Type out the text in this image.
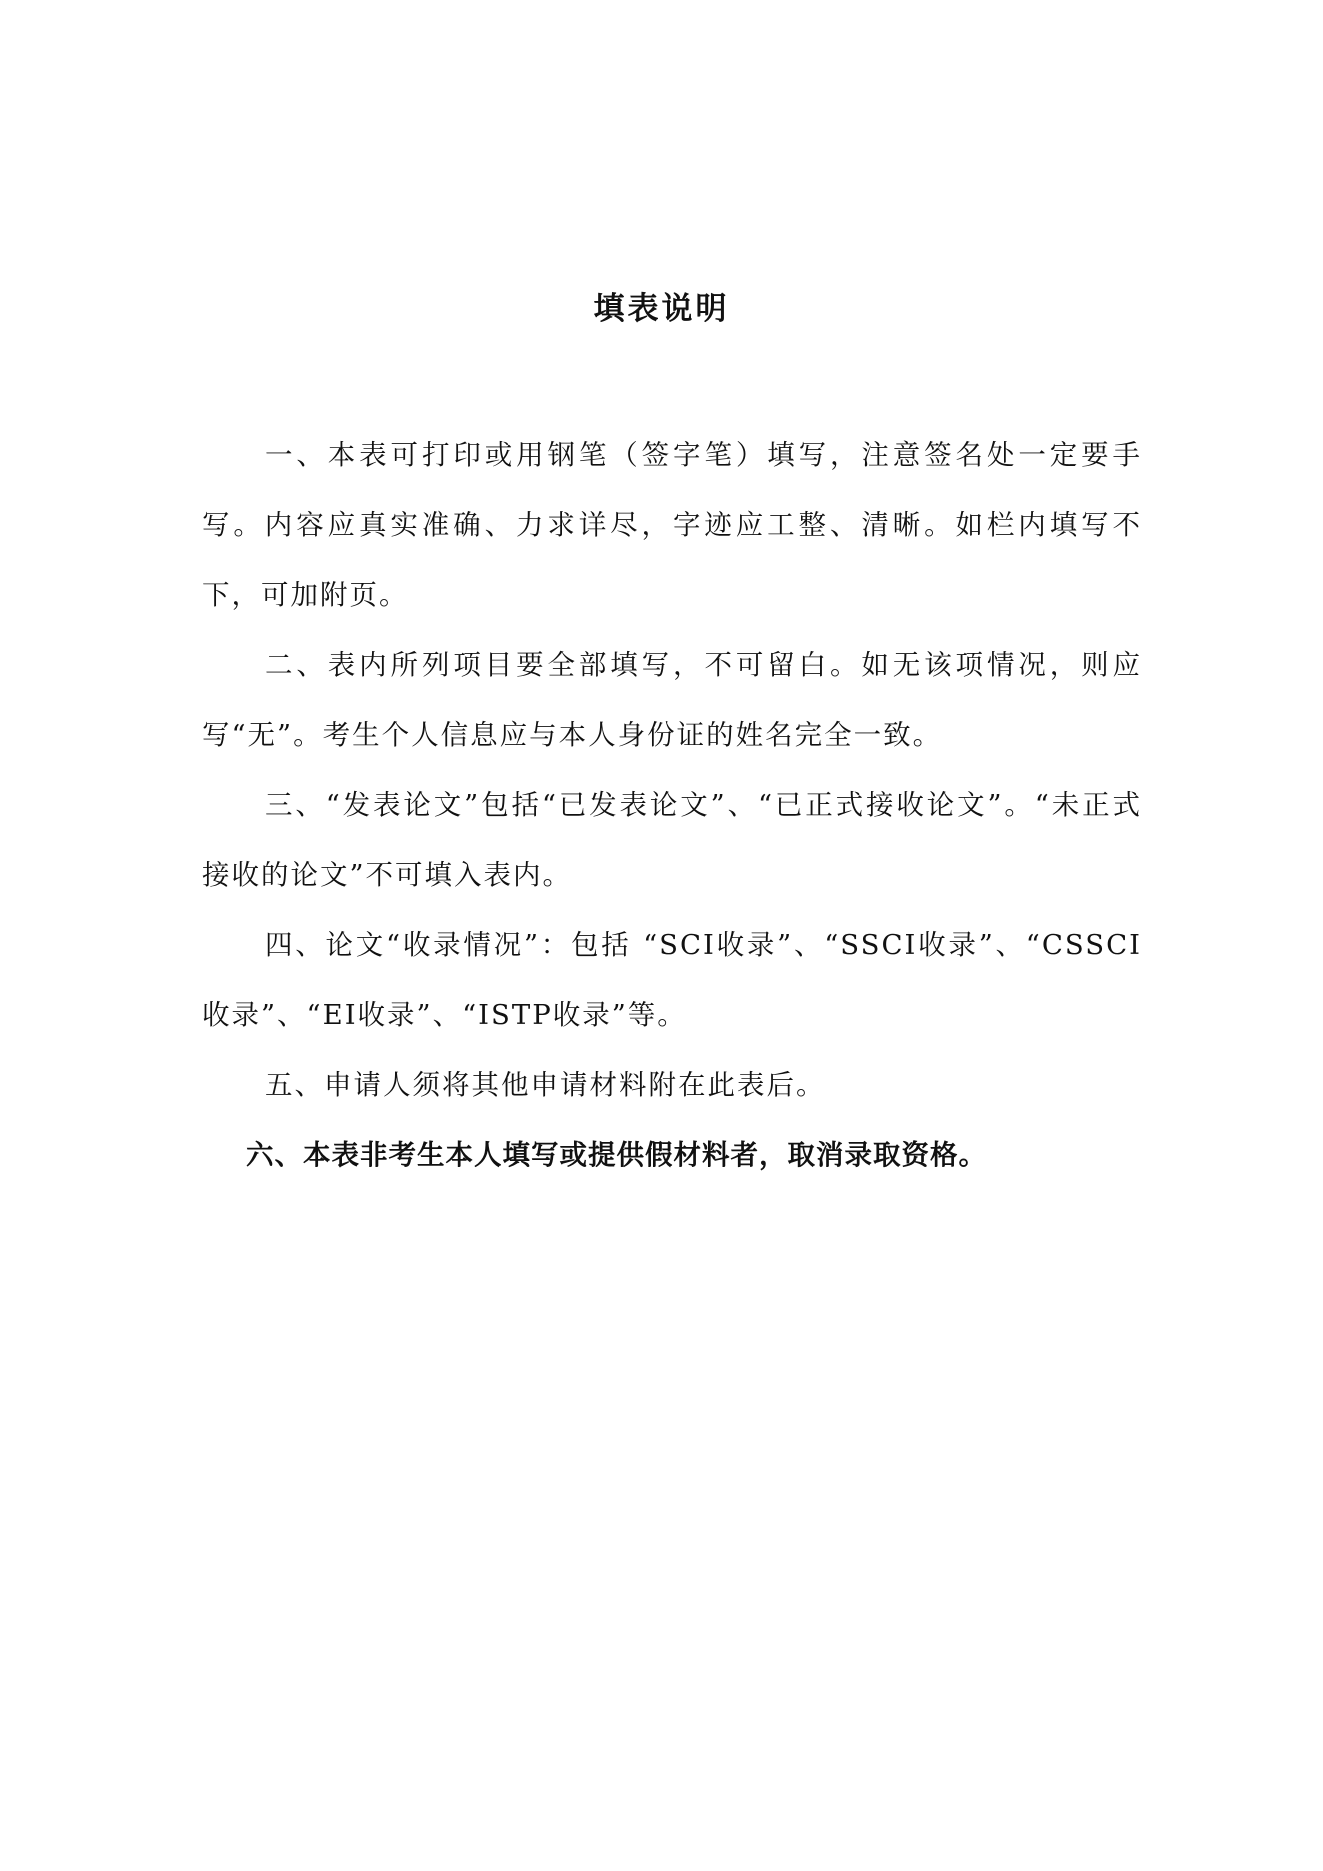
填表说明

一、本表可打印或用钢笔（签字笔）填写，注意签名处一定要手写。内容应真实准确、力求详尽，字迹应工整、清晰。如栏内填写不下，可加附页。

二、表内所列项目要全部填写，不可留白。如无该项情况，则应写“无”。考生个人信息应与本人身份证的姓名完全一致。

三、“发表论文”包括“已发表论文”、“已正式接收论文”。“未正式接收的论文”不可填入表内。

四、论文“收录情况”：包括 “SCI收录”、“SSCI收录”、“CSSCI收录”、“EI收录”、“ISTP收录”等。

五、申请人须将其他申请材料附在此表后。

六、本表非考生本人填写或提供假材料者，取消录取资格。
